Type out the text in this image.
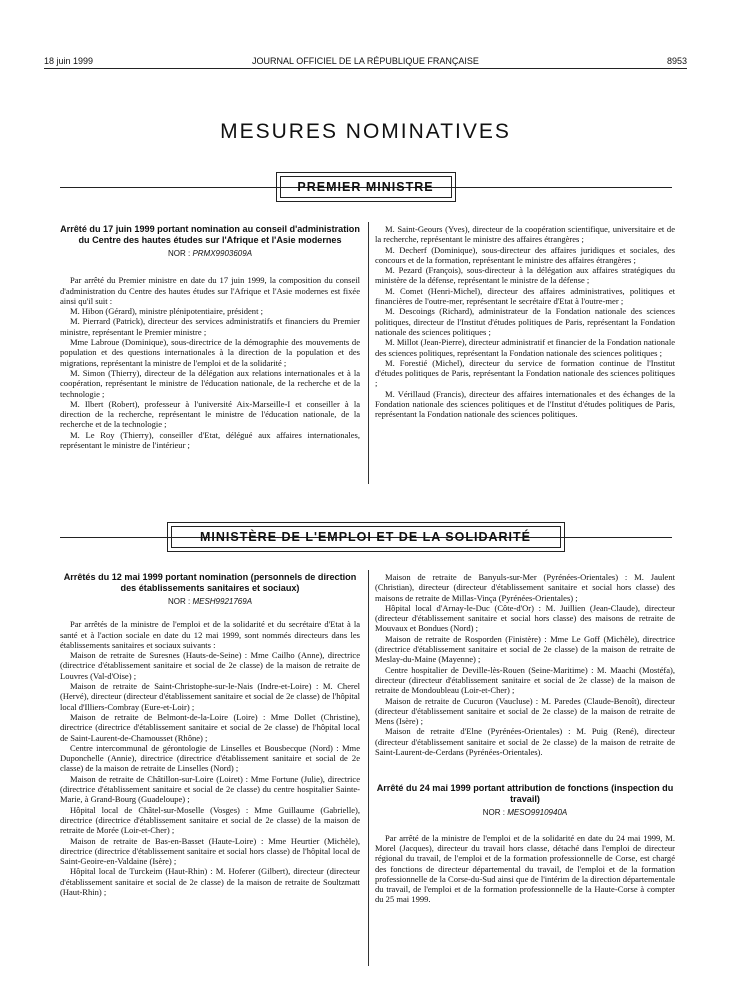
18 juin 1999	JOURNAL OFFICIEL DE LA RÉPUBLIQUE FRANÇAISE	8953
MESURES NOMINATIVES
PREMIER MINISTRE
Arrêté du 17 juin 1999 portant nomination au conseil d'administration du Centre des hautes études sur l'Afrique et l'Asie modernes
NOR : PRMX9903609A

Par arrêté du Premier ministre en date du 17 juin 1999, la composition du conseil d'administration du Centre des hautes études sur l'Afrique et l'Asie modernes est fixée ainsi qu'il suit :

M. Hibon (Gérard), ministre plénipotentiaire, président ;

M. Pierrard (Patrick), directeur des services administratifs et financiers du Premier ministre, représentant le Premier ministre ;

Mme Labroue (Dominique), sous-directrice de la démographie des mouvements de population et des questions internationales à la direction de la population et des migrations, représentant la ministre de l'emploi et de la solidarité ;

M. Simon (Thierry), directeur de la délégation aux relations internationales et à la coopération, représentant le ministre de l'éducation nationale, de la recherche et de la technologie ;

M. Ilbert (Robert), professeur à l'université Aix-Marseille-I et conseiller à la direction de la recherche, représentant le ministre de l'éducation nationale, de la recherche et de la technologie ;

M. Le Roy (Thierry), conseiller d'Etat, délégué aux affaires internationales, représentant le ministre de l'intérieur ;

M. Saint-Geours (Yves), directeur de la coopération scientifique, universitaire et de la recherche, représentant le ministre des affaires étrangères ;

M. Decherf (Dominique), sous-directeur des affaires juridiques et sociales, des concours et de la formation, représentant le ministre des affaires étrangères ;

M. Pezard (François), sous-directeur à la délégation aux affaires stratégiques du ministère de la défense, représentant le ministre de la défense ;

M. Comet (Henri-Michel), directeur des affaires administratives, politiques et financières de l'outre-mer, représentant le secrétaire d'Etat à l'outre-mer ;

M. Descoings (Richard), administrateur de la Fondation nationale des sciences politiques, directeur de l'Institut d'études politiques de Paris, représentant la Fondation nationale des sciences politiques ;

M. Millot (Jean-Pierre), directeur administratif et financier de la Fondation nationale des sciences politiques, représentant la Fondation nationale des sciences politiques ;

M. Forestié (Michel), directeur du service de formation continue de l'Institut d'études politiques de Paris, représentant la Fondation nationale des sciences politiques ;

M. Vérillaud (Francis), directeur des affaires internationales et des échanges de la Fondation nationale des sciences politiques et de l'Institut d'études politiques de Paris, représentant la Fondation nationale des sciences politiques.

MINISTÈRE DE L'EMPLOI ET DE LA SOLIDARITÉ
Arrêtés du 12 mai 1999 portant nomination (personnels de direction des établissements sanitaires et sociaux)
NOR : MESH9921769A

Par arrêtés de la ministre de l'emploi et de la solidarité et du secrétaire d'Etat à la santé et à l'action sociale en date du 12 mai 1999, sont nommés directeurs dans les établissements sanitaires et sociaux suivants :

Maison de retraite de Suresnes (Hauts-de-Seine) : Mme Cailho (Anne), directrice (directrice d'établissement sanitaire et social de 2e classe) de la maison de retraite de Louvres (Val-d'Oise) ;

Maison de retraite de Saint-Christophe-sur-le-Nais (Indre-et-Loire) : M. Cherel (Hervé), directeur (directeur d'établissement sanitaire et social de 2e classe) de l'hôpital local d'Illiers-Combray (Eure-et-Loir) ;

Maison de retraite de Belmont-de-la-Loire (Loire) : Mme Dollet (Christine), directrice (directrice d'établissement sanitaire et social de 2e classe) de l'hôpital local de Saint-Laurent-de-Chamousset (Rhône) ;

Centre intercommunal de gérontologie de Linselles et Bousbecque (Nord) : Mme Duponchelle (Annie), directrice (directrice d'établissement sanitaire et social de 2e classe) de la maison de retraite de Linselles (Nord) ;

Maison de retraite de Châtillon-sur-Loire (Loiret) : Mme Fortune (Julie), directrice (directrice d'établissement sanitaire et social de 2e classe) du centre hospitalier Sainte-Marie, à Grand-Bourg (Guadeloupe) ;

Hôpital local de Châtel-sur-Moselle (Vosges) : Mme Guillaume (Gabrielle), directrice (directrice d'établissement sanitaire et social de 2e classe) de la maison de retraite de Morée (Loir-et-Cher) ;

Maison de retraite de Bas-en-Basset (Haute-Loire) : Mme Heurtier (Michèle), directrice (directrice d'établissement sanitaire et social hors classe) de l'hôpital local de Saint-Geoire-en-Valdaine (Isère) ;

Hôpital local de Turckeim (Haut-Rhin) : M. Hoferer (Gilbert), directeur (directeur d'établissement sanitaire et social de 2e classe) de la maison de retraite de Soultzmatt (Haut-Rhin) ;

Maison de retraite de Banyuls-sur-Mer (Pyrénées-Orientales) : M. Jaulent (Christian), directeur (directeur d'établissement sanitaire et social hors classe) des maisons de retraite de Millas-Vinça (Pyrénées-Orientales) ;

Hôpital local d'Arnay-le-Duc (Côte-d'Or) : M. Juillien (Jean-Claude), directeur (directeur d'établissement sanitaire et social hors classe) des maisons de retraite de Mouvaux et Bondues (Nord) ;

Maison de retraite de Rosporden (Finistère) : Mme Le Goff (Michèle), directrice (directrice d'établissement sanitaire et social de 2e classe) de la maison de retraite de Meslay-du-Maine (Mayenne) ;

Centre hospitalier de Deville-lès-Rouen (Seine-Maritime) : M. Maachi (Mostéfa), directeur (directeur d'établissement sanitaire et social de 2e classe) de la maison de retraite de Mondoubleau (Loir-et-Cher) ;

Maison de retraite de Cucuron (Vaucluse) : M. Paredes (Claude-Benoît), directeur (directeur d'établissement sanitaire et social de 2e classe) de la maison de retraite de Mens (Isère) ;

Maison de retraite d'Elne (Pyrénées-Orientales) : M. Puig (René), directeur (directeur d'établissement sanitaire et social de 2e classe) de la maison de retraite de Saint-Laurent-de-Cerdans (Pyrénées-Orientales).

Arrêté du 24 mai 1999 portant attribution de fonctions (inspection du travail)
NOR : MESO9910940A

Par arrêté de la ministre de l'emploi et de la solidarité en date du 24 mai 1999, M. Morel (Jacques), directeur du travail hors classe, détaché dans l'emploi de directeur régional du travail, de l'emploi et de la formation professionnelle de Corse, est chargé des fonctions de directeur départemental du travail, de l'emploi et de la formation professionnelle de la Corse-du-Sud ainsi que de l'intérim de la direction départementale du travail, de l'emploi et de la formation professionnelle de la Haute-Corse à compter du 25 mai 1999.
